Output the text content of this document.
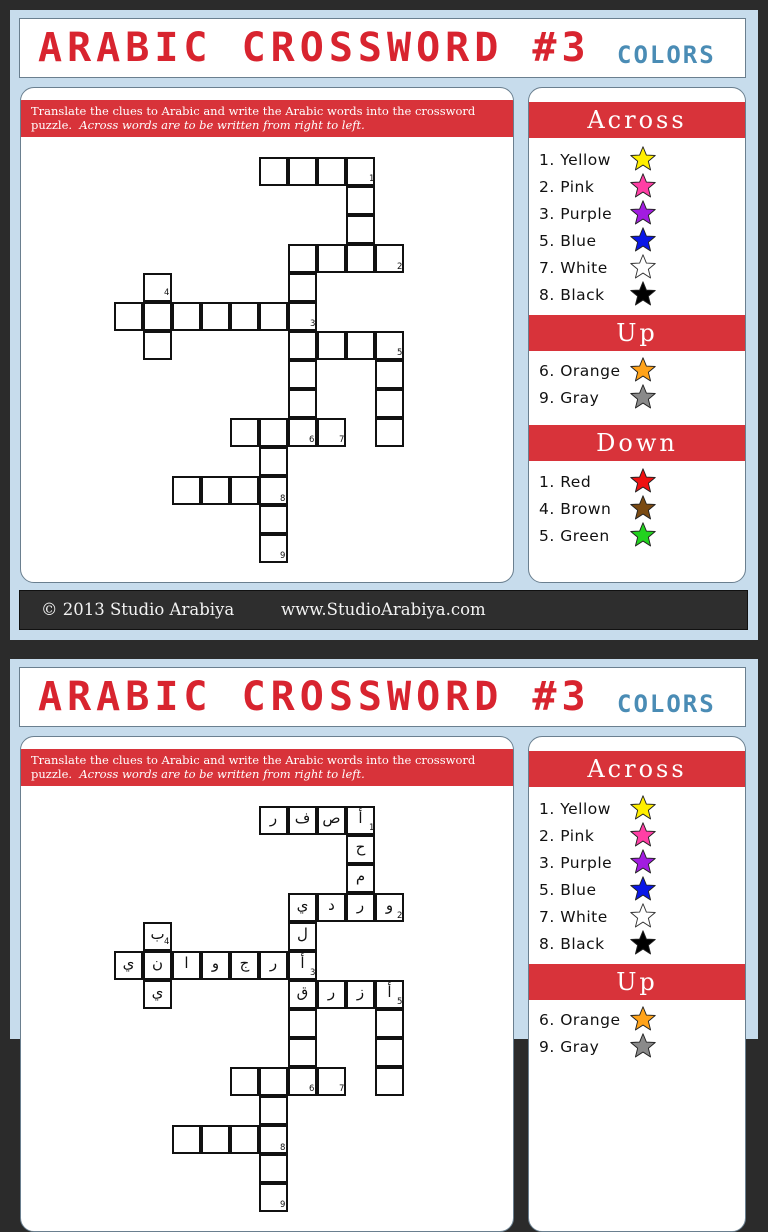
ARABIC CROSSWORD #3 COLORS
Translate the clues to Arabic and write the Arabic words into the crossword
puzzle. Across words are to be written from right to left.
1
2
3
4
5
6	7
8
9
Across
1. Yellow
2. Pink
3. Purple
5. Blue
7. White
8. Black
Up
6. Orange
9. Gray
Down
1. Red
4. Brown
5. Green
© 2013 Studio Arabiya	www.StudioArabiya.com
ARABIC CROSSWORD #3 COLORS
Translate the clues to Arabic and write the Arabic words into the crossword
puzzle. Across words are to be written from right to left.
1
2
3
4
5
6	7
8
9
أ
ص
ف
ر
ح
م
و
ر
د
ي
ب
ي
ل
أ
ر
ج
و
ا
ن
ي
أ
ز
ر
ق
Across
1. Yellow
2. Pink
3. Purple
5. Blue
7. White
8. Black
Up
6. Orange
9. Gray
